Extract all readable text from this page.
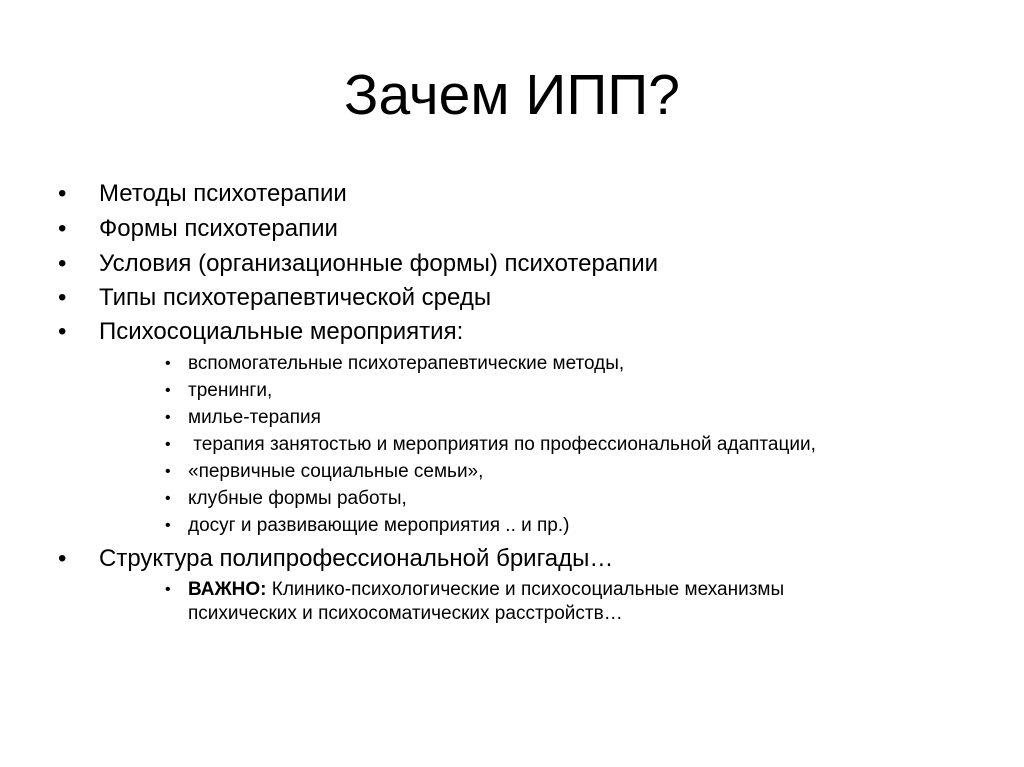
Зачем ИПП?
• Методы психотерапии
• Формы психотерапии
• Условия (организационные формы) психотерапии
• Типы психотерапевтической среды
• Психосоциальные мероприятия:
• вспомогательные психотерапевтические методы,
• тренинги,
• милье-терапия
• терапия занятостью и мероприятия по профессиональной адаптации,
• «первичные социальные семьи»,
• клубные формы работы,
• досуг и развивающие мероприятия .. и пр.)
• Структура полипрофессиональной бригады…
• ВАЖНО: Клинико-психологические и психосоциальные механизмы
психических и психосоматических расстройств…
